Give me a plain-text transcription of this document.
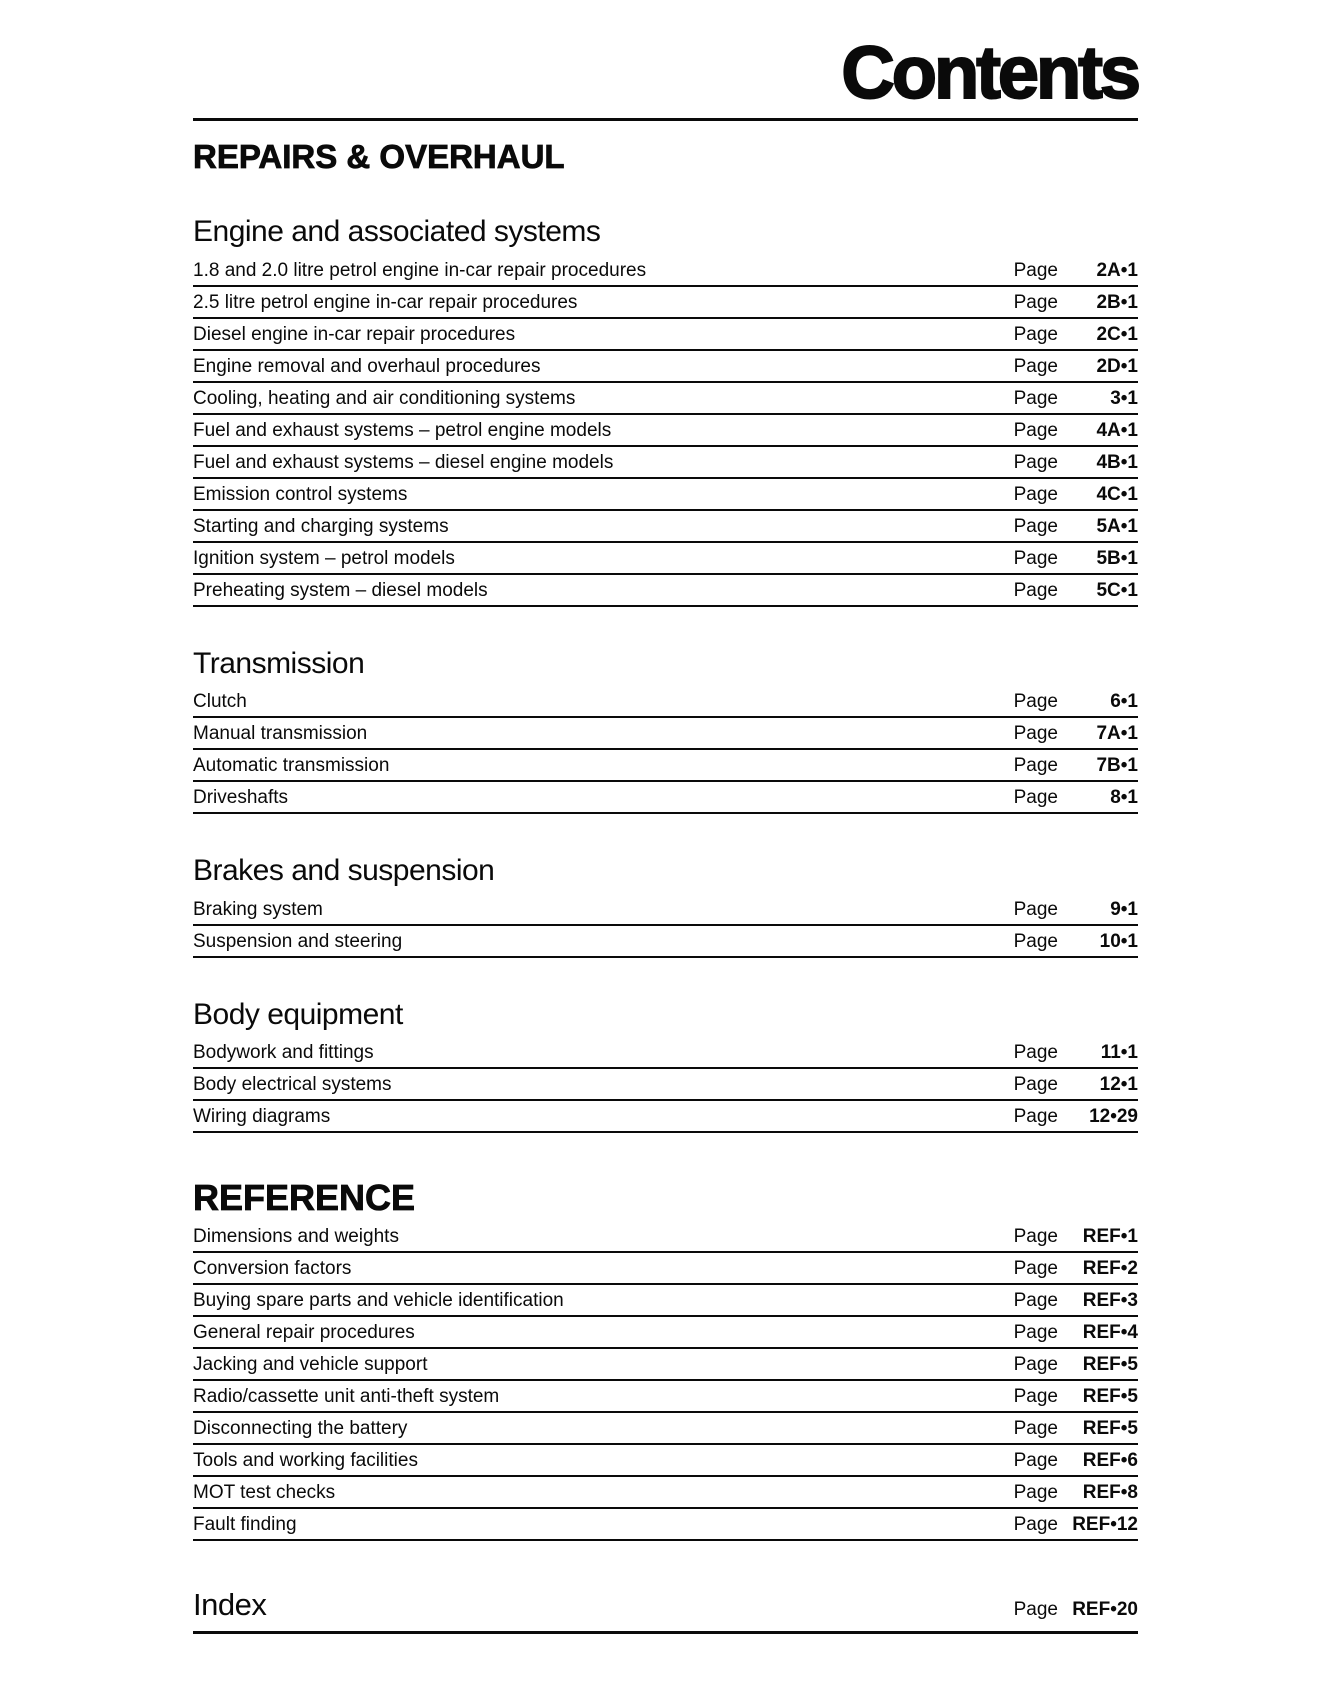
Contents
REPAIRS & OVERHAUL
Engine and associated systems
1.8 and 2.0 litre petrol engine in-car repair procedures	Page	2A•1
2.5 litre petrol engine in-car repair procedures	Page	2B•1
Diesel engine in-car repair procedures	Page	2C•1
Engine removal and overhaul procedures	Page	2D•1
Cooling, heating and air conditioning systems	Page	3•1
Fuel and exhaust systems – petrol engine models	Page	4A•1
Fuel and exhaust systems – diesel engine models	Page	4B•1
Emission control systems	Page	4C•1
Starting and charging systems	Page	5A•1
Ignition system – petrol models	Page	5B•1
Preheating system – diesel models	Page	5C•1
Transmission
Clutch	Page	6•1
Manual transmission	Page	7A•1
Automatic transmission	Page	7B•1
Driveshafts	Page	8•1
Brakes and suspension
Braking system	Page	9•1
Suspension and steering	Page	10•1
Body equipment
Bodywork and fittings	Page	11•1
Body electrical systems	Page	12•1
Wiring diagrams	Page	12•29
REFERENCE
Dimensions and weights	Page	REF•1
Conversion factors	Page	REF•2
Buying spare parts and vehicle identification	Page	REF•3
General repair procedures	Page	REF•4
Jacking and vehicle support	Page	REF•5
Radio/cassette unit anti-theft system	Page	REF•5
Disconnecting the battery	Page	REF•5
Tools and working facilities	Page	REF•6
MOT test checks	Page	REF•8
Fault finding	Page REF•12
Index	Page REF•20
